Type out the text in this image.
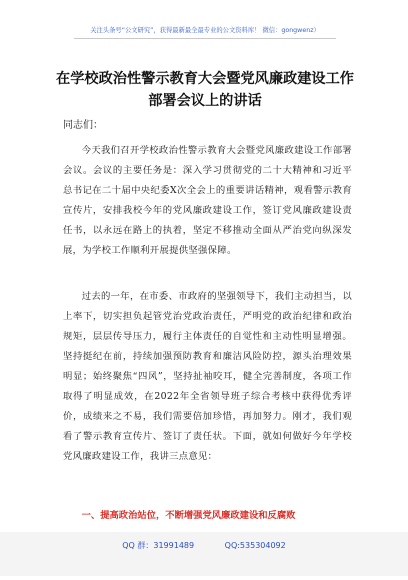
关注头条号“公文研究”，获得最新最全最专业的公文资料库！ 微信：gongwenz）
在学校政治性警示教育大会暨党风廉政建设工作部署会议上的讲话

同志们：

今天我们召开学校政治性警示教育大会暨党风廉政建设工作部署会议。会议的主要任务是：深入学习贯彻党的二十大精神和习近平总书记在二十届中央纪委X次全会上的重要讲话精神，观看警示教育宣传片，安排我校今年的党风廉政建设工作，签订党风廉政建设责任书，以永远在路上的执着，坚定不移推动全面从严治党向纵深发展，为学校工作顺利开展提供坚强保障。

过去的一年，在市委、市政府的坚强领导下，我们主动担当，以上率下，切实担负起管党治党政治责任，严明党的政治纪律和政治规矩，层层传导压力，履行主体责任的自觉性和主动性明显增强。坚持挺纪在前，持续加强预防教育和廉洁风险防控，源头治理效果明显；始终聚焦“四风”，坚持扯袖咬耳，健全完善制度，各项工作取得了明显成效，在2022年全省领导班子综合考核中获得优秀评价，成绩来之不易，我们需要倍加珍惜，再加努力。刚才，我们观看了警示教育宣传片、签订了责任状。下面，就如何做好今年学校党风廉政建设工作，我讲三点意见：

一、提高政治站位，不断增强党风廉政建设和反腐败

QQ 群：31991489	QQ:535304092
